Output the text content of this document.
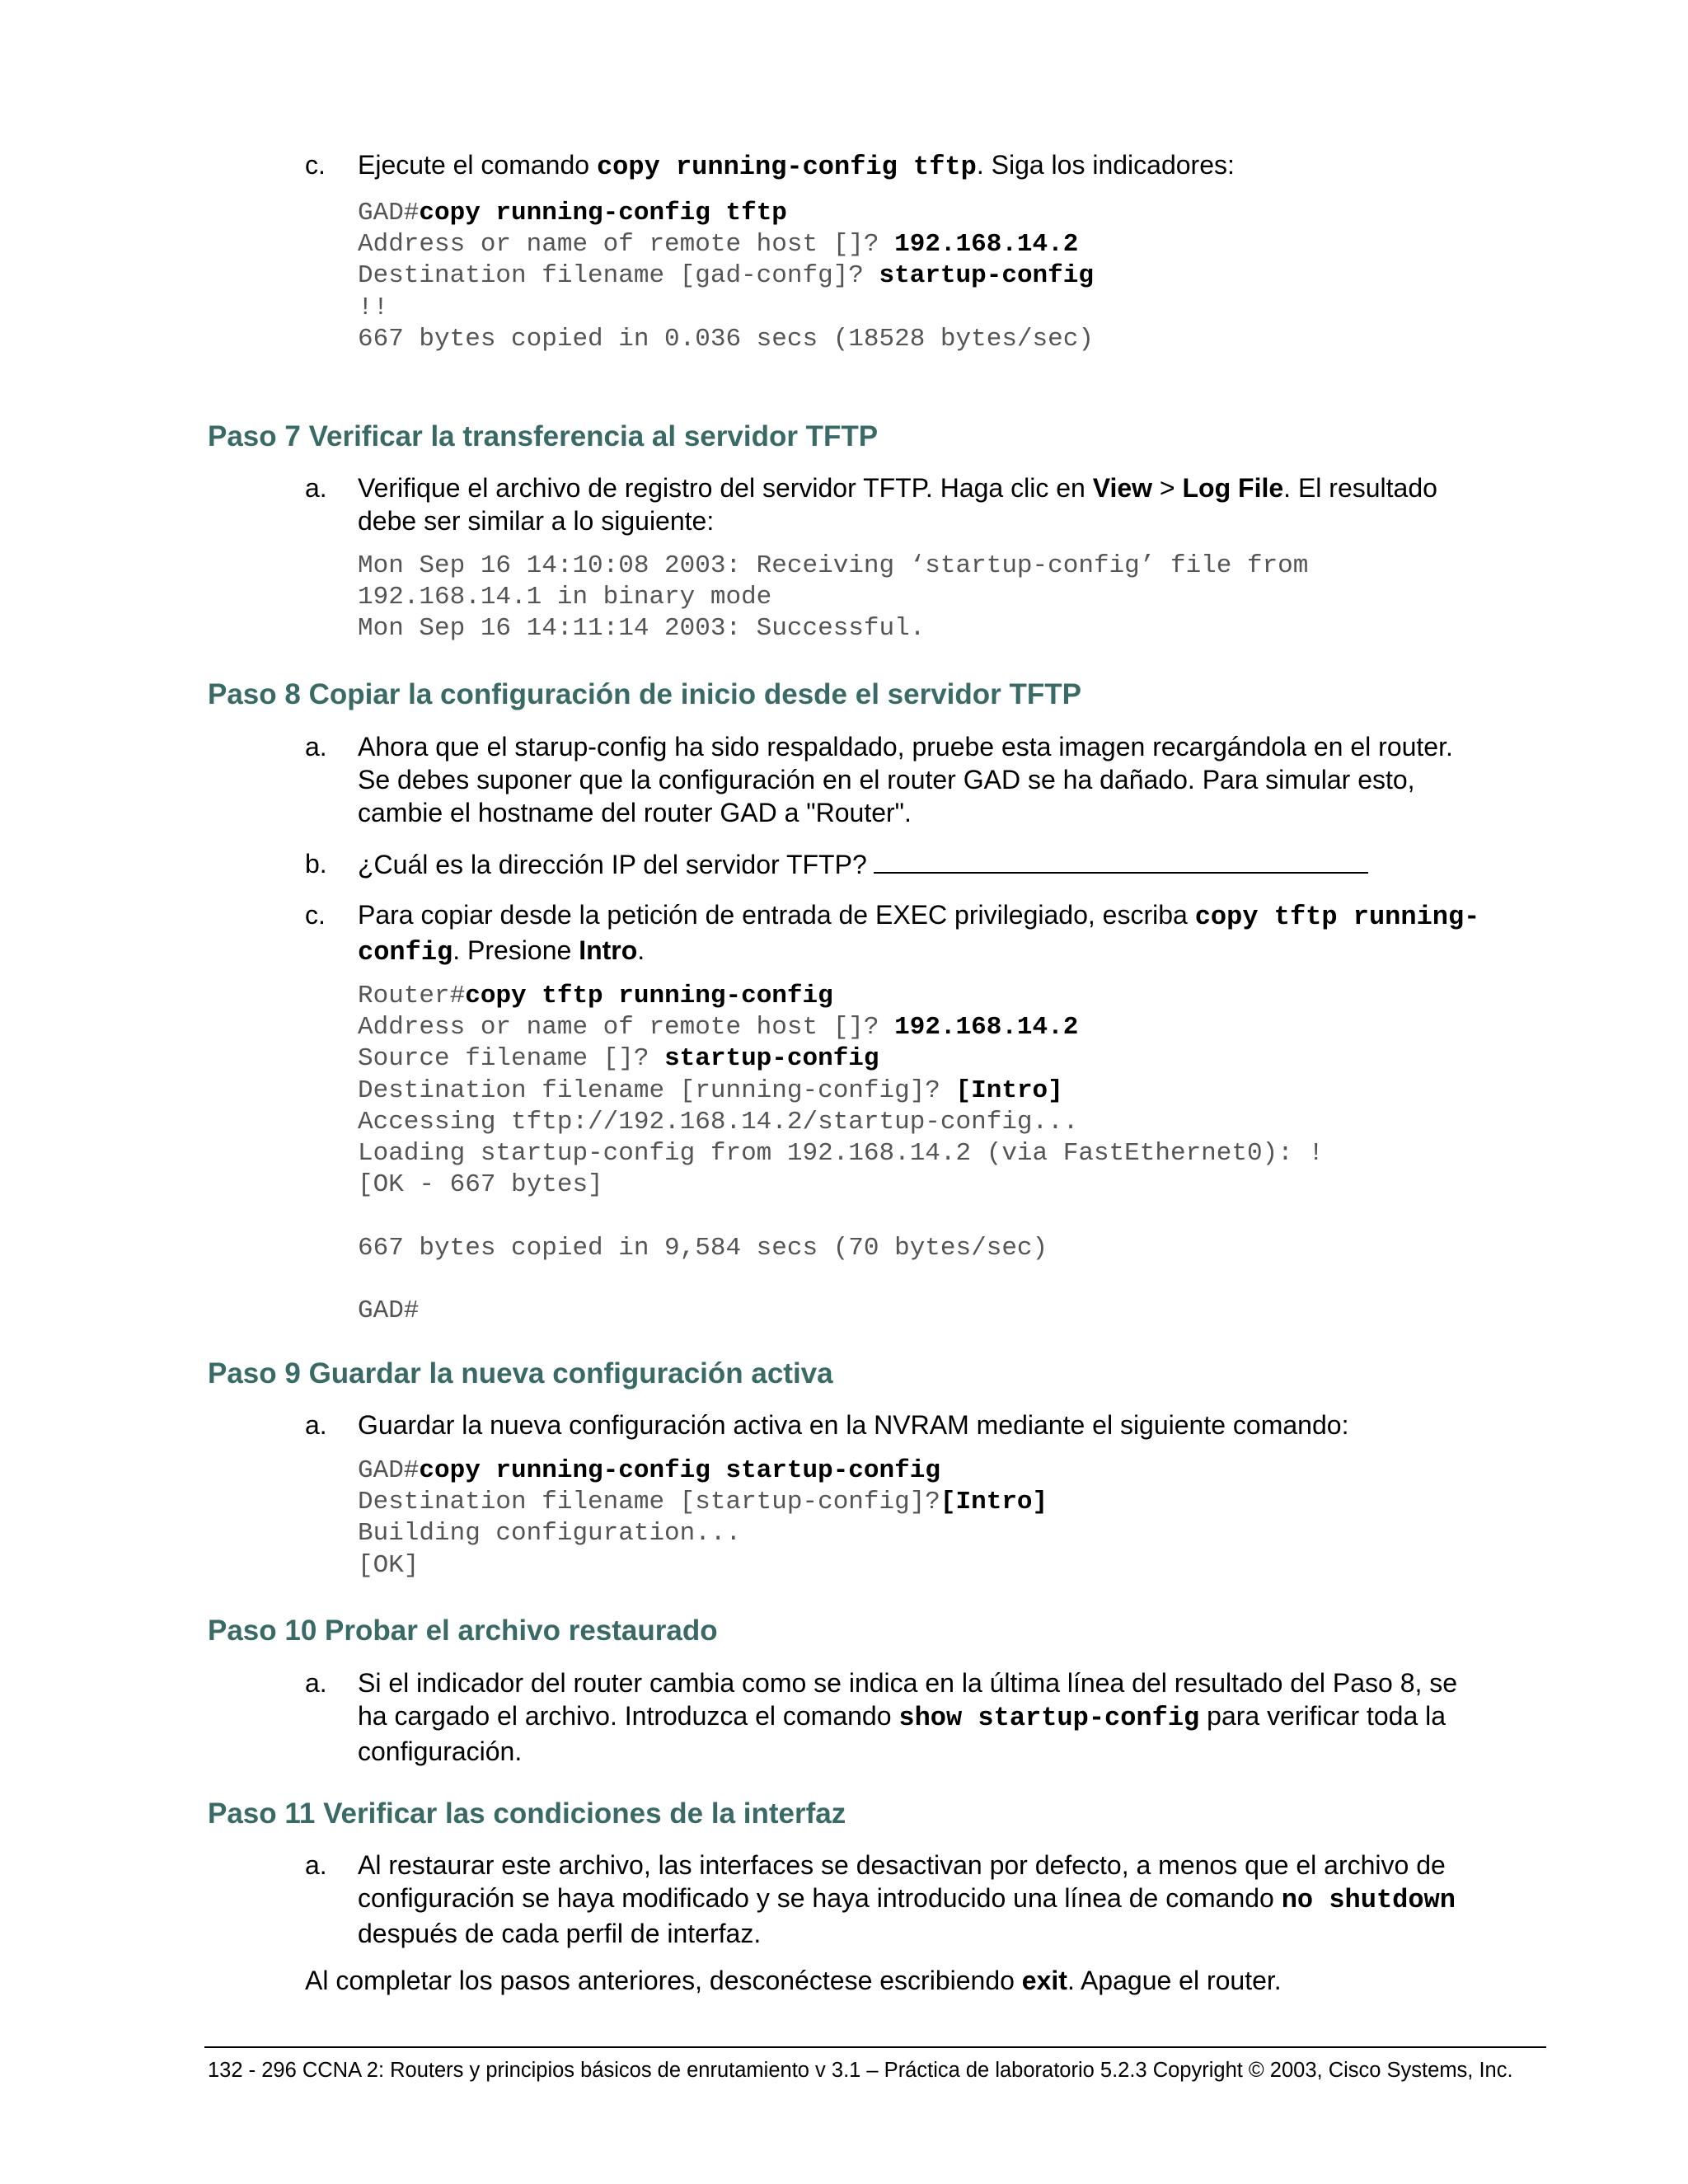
c. Ejecute el comando copy running-config tftp. Siga los indicadores:
GAD#copy running-config tftp
Address or name of remote host []? 192.168.14.2
Destination filename [gad-confg]? startup-config
!!
667 bytes copied in 0.036 secs (18528 bytes/sec)
Paso 7 Verificar la transferencia al servidor TFTP
a. Verifique el archivo de registro del servidor TFTP. Haga clic en View > Log File. El resultado
debe ser similar a lo siguiente:
Mon Sep 16 14:10:08 2003: Receiving ‘startup-config’ file from
192.168.14.1 in binary mode
Mon Sep 16 14:11:14 2003: Successful.
Paso 8 Copiar la configuración de inicio desde el servidor TFTP
a. Ahora que el starup-config ha sido respaldado, pruebe esta imagen recargándola en el router.
Se debes suponer que la configuración en el router GAD se ha dañado. Para simular esto,
cambie el hostname del router GAD a "Router".
b. ¿Cuál es la dirección IP del servidor TFTP?
c. Para copiar desde la petición de entrada de EXEC privilegiado, escriba copy tftp running-
config. Presione Intro.
Router#copy tftp running-config
Address or name of remote host []? 192.168.14.2
Source filename []? startup-config
Destination filename [running-config]? [Intro]
Accessing tftp://192.168.14.2/startup-config...
Loading startup-config from 192.168.14.2 (via FastEthernet0): !
[OK - 667 bytes]
667 bytes copied in 9,584 secs (70 bytes/sec)
GAD#
Paso 9 Guardar la nueva configuración activa
a. Guardar la nueva configuración activa en la NVRAM mediante el siguiente comando:
GAD#copy running-config startup-config
Destination filename [startup-config]?[Intro]
Building configuration...
[OK]
Paso 10 Probar el archivo restaurado
a. Si el indicador del router cambia como se indica en la última línea del resultado del Paso 8, se
ha cargado el archivo. Introduzca el comando show startup-config para verificar toda la
configuración.
Paso 11 Verificar las condiciones de la interfaz
a. Al restaurar este archivo, las interfaces se desactivan por defecto, a menos que el archivo de
configuración se haya modificado y se haya introducido una línea de comando no shutdown
después de cada perfil de interfaz.
Al completar los pasos anteriores, desconéctese escribiendo exit. Apague el router.
132 - 296 CCNA 2: Routers y principios básicos de enrutamiento v 3.1 – Práctica de laboratorio 5.2.3 Copyright © 2003, Cisco Systems, Inc.
